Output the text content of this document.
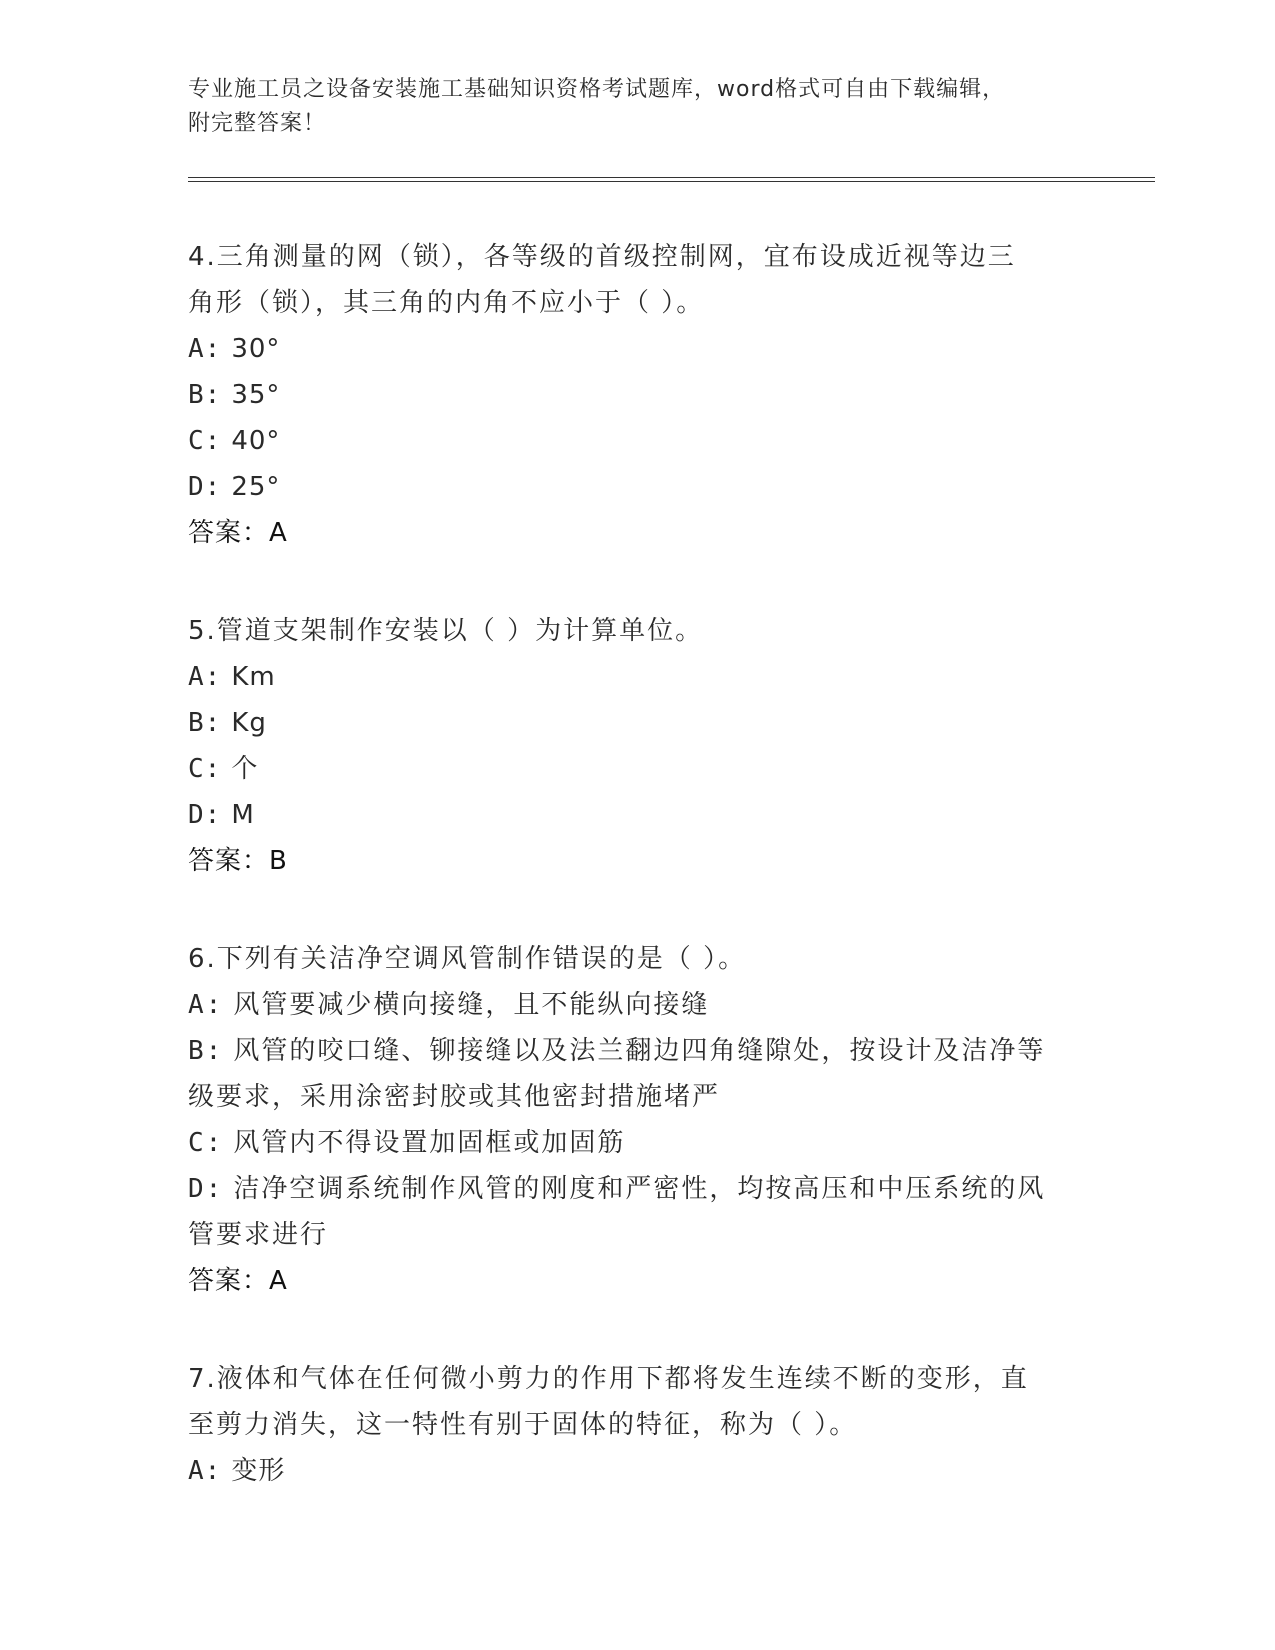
专业施工员之设备安装施工基础知识资格考试题库，word格式可自由下载编辑，
附完整答案！
4.三角测量的网（锁），各等级的首级控制网，宜布设成近视等边三
角形（锁），其三角的内角不应小于（ ）。
A: 30°
B: 35°
C: 40°
D: 25°
答案：A
5.管道支架制作安装以（ ）为计算单位。
A: Km
B: Kg
C: 个
D: M
答案：B
6.下列有关洁净空调风管制作错误的是（ ）。
A: 风管要减少横向接缝，且不能纵向接缝
B: 风管的咬口缝、铆接缝以及法兰翻边四角缝隙处，按设计及洁净等
级要求，采用涂密封胶或其他密封措施堵严
C: 风管内不得设置加固框或加固筋
D: 洁净空调系统制作风管的刚度和严密性，均按高压和中压系统的风
管要求进行
答案：A
7.液体和气体在任何微小剪力的作用下都将发生连续不断的变形，直
至剪力消失，这一特性有别于固体的特征，称为（ ）。
A: 变形
